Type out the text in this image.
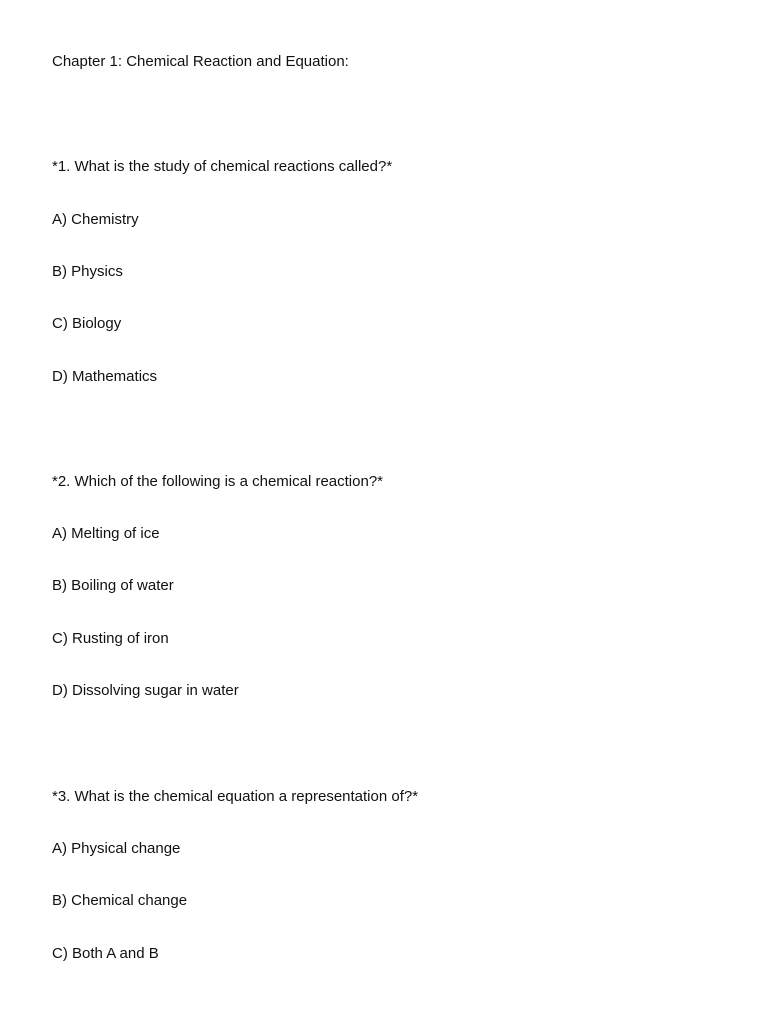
Chapter 1: Chemical Reaction and Equation:
*1. What is the study of chemical reactions called?*
A) Chemistry
B) Physics
C) Biology
D) Mathematics
*2. Which of the following is a chemical reaction?*
A) Melting of ice
B) Boiling of water
C) Rusting of iron
D) Dissolving sugar in water
*3. What is the chemical equation a representation of?*
A) Physical change
B) Chemical change
C) Both A and B
